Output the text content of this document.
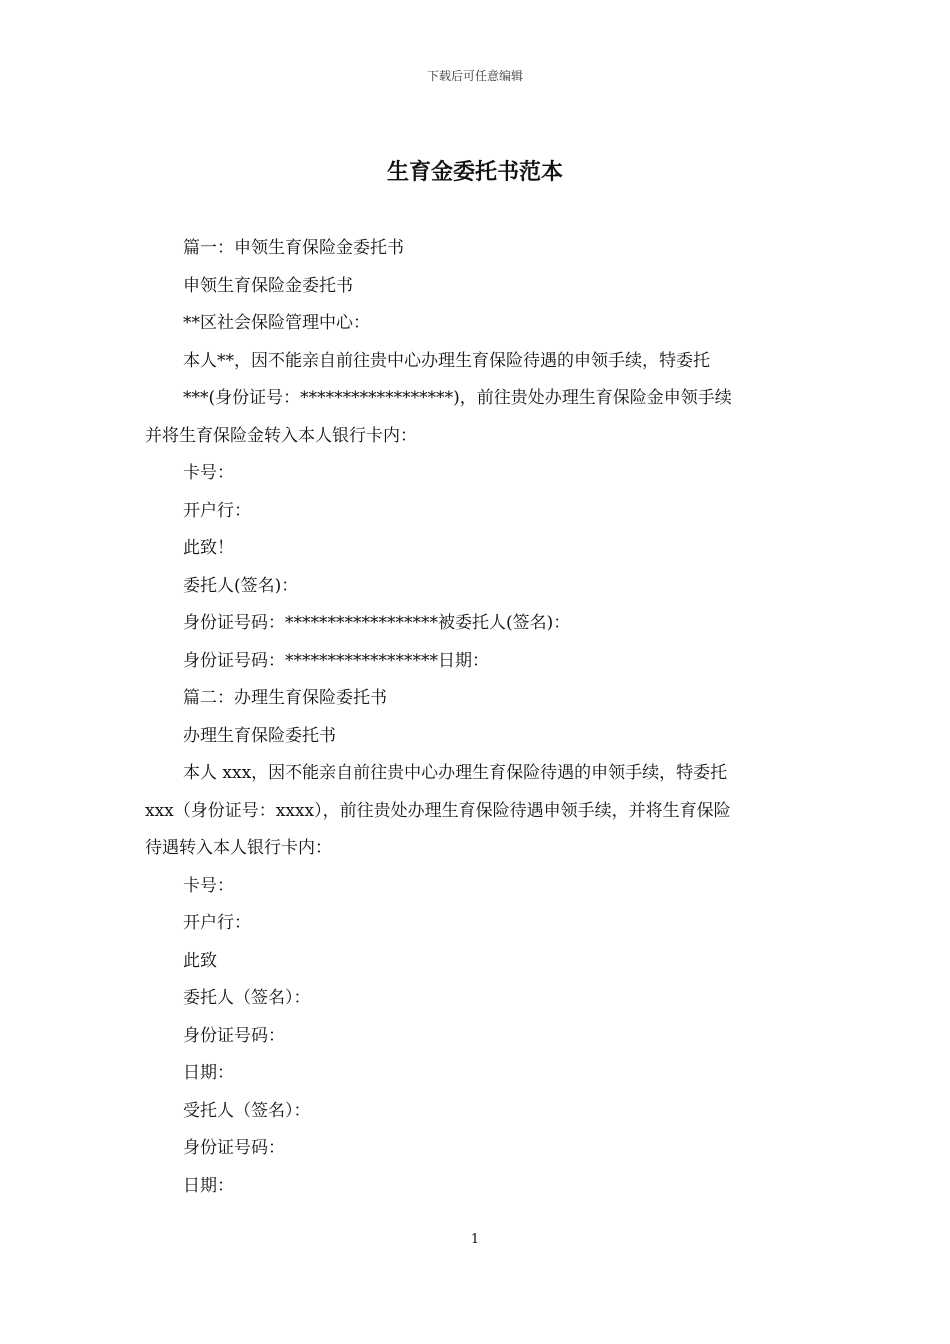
下载后可任意编辑
生育金委托书范本
篇一：申领生育保险金委托书
申领生育保险金委托书
**区社会保险管理中心：
本人**，因不能亲自前往贵中心办理生育保险待遇的申领手续，特委托
***(身份证号：******************)，前往贵处办理生育保险金申领手续
并将生育保险金转入本人银行卡内：
卡号：
开户行：
此致！
委托人(签名)：
身份证号码：******************被委托人(签名)：
身份证号码：******************日期：
篇二：办理生育保险委托书
办理生育保险委托书
本人 xxx，因不能亲自前往贵中心办理生育保险待遇的申领手续，特委托
xxx（身份证号：xxxx），前往贵处办理生育保险待遇申领手续，并将生育保险
待遇转入本人银行卡内：
卡号：
开户行：
此致
委托人（签名）：
身份证号码：
日期：
受托人（签名）：
身份证号码：
日期：
1
